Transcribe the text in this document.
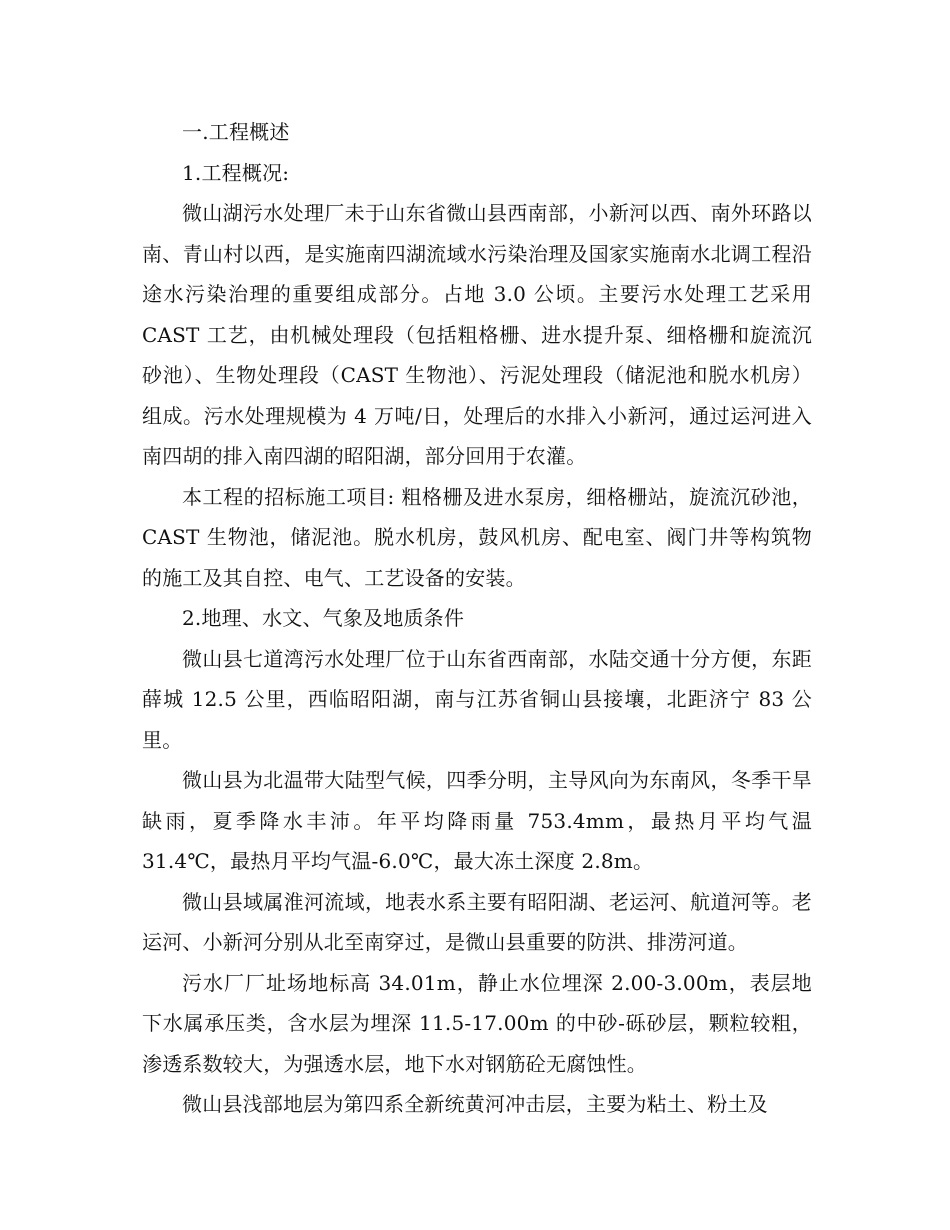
一.工程概述

1.工程概况:

微山湖污水处理厂未于山东省微山县西南部，小新河以西、南外环路以南、青山村以西，是实施南四湖流域水污染治理及国家实施南水北调工程沿途水污染治理的重要组成部分。占地 3.0 公顷。主要污水处理工艺采用 CAST 工艺，由机械处理段（包括粗格栅、进水提升泵、细格栅和旋流沉砂池）、生物处理段（CAST 生物池）、污泥处理段（储泥池和脱水机房）组成。污水处理规模为 4 万吨/日，处理后的水排入小新河，通过运河进入南四胡的排入南四湖的昭阳湖，部分回用于农灌。

本工程的招标施工项目: 粗格栅及进水泵房，细格栅站，旋流沉砂池，CAST 生物池，储泥池。脱水机房，鼓风机房、配电室、阀门井等构筑物的施工及其自控、电气、工艺设备的安装。

2.地理、水文、气象及地质条件

微山县七道湾污水处理厂位于山东省西南部，水陆交通十分方便，东距薛城 12.5 公里，西临昭阳湖，南与江苏省铜山县接壤，北距济宁 83 公里。

微山县为北温带大陆型气候，四季分明，主导风向为东南风，冬季干旱缺雨，夏季降水丰沛。年平均降雨量 753.4mm，最热月平均气温 31.4℃，最热月平均气温-6.0℃，最大冻土深度 2.8m。

微山县域属淮河流域，地表水系主要有昭阳湖、老运河、航道河等。老运河、小新河分别从北至南穿过，是微山县重要的防洪、排涝河道。

污水厂厂址场地标高 34.01m，静止水位埋深 2.00-3.00m，表层地下水属承压类，含水层为埋深 11.5-17.00m 的中砂-砾砂层，颗粒较粗，渗透系数较大，为强透水层，地下水对钢筋砼无腐蚀性。

微山县浅部地层为第四系全新统黄河冲击层，主要为粘土、粉土及
